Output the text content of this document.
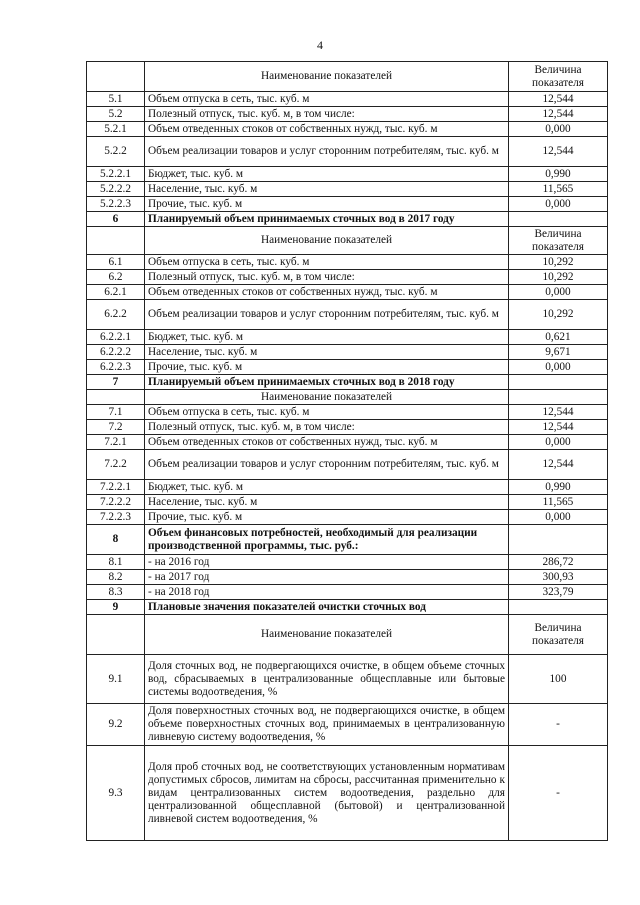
4
	Наименование показателей	Величина показателя
5.1	Объем отпуска в сеть, тыс. куб. м	12,544
5.2	Полезный отпуск, тыс. куб. м, в том числе:	12,544
5.2.1	Объем отведенных стоков от собственных нужд, тыс. куб. м	0,000
5.2.2	Объем реализации товаров и услуг сторонним потребителям, тыс. куб. м	12,544
5.2.2.1	Бюджет, тыс. куб. м	0,990
5.2.2.2	Население, тыс. куб. м	11,565
5.2.2.3	Прочие, тыс. куб. м	0,000
6	Планируемый объем принимаемых сточных вод в 2017 году	
	Наименование показателей	Величина показателя
6.1	Объем отпуска в сеть, тыс. куб. м	10,292
6.2	Полезный отпуск, тыс. куб. м, в том числе:	10,292
6.2.1	Объем отведенных стоков от собственных нужд, тыс. куб. м	0,000
6.2.2	Объем реализации товаров и услуг сторонним потребителям, тыс. куб. м	10,292
6.2.2.1	Бюджет, тыс. куб. м	0,621
6.2.2.2	Население, тыс. куб. м	9,671
6.2.2.3	Прочие, тыс. куб. м	0,000
7	Планируемый объем принимаемых сточных вод в 2018 году	
	Наименование показателей	
7.1	Объем отпуска в сеть, тыс. куб. м	12,544
7.2	Полезный отпуск, тыс. куб. м, в том числе:	12,544
7.2.1	Объем отведенных стоков от собственных нужд, тыс. куб. м	0,000
7.2.2	Объем реализации товаров и услуг сторонним потребителям, тыс. куб. м	12,544
7.2.2.1	Бюджет, тыс. куб. м	0,990
7.2.2.2	Население, тыс. куб. м	11,565
7.2.2.3	Прочие, тыс. куб. м	0,000
8	Объем финансовых потребностей, необходимый для реализации производственной программы, тыс. руб.:	
8.1	- на 2016 год	286,72
8.2	- на 2017 год	300,93
8.3	- на 2018 год	323,79
9	Плановые значения показателей очистки сточных вод	
	Наименование показателей	Величина показателя
9.1	Доля сточных вод, не подвергающихся очистке, в общем объеме сточных вод, сбрасываемых в централизованные общесплавные или бытовые системы водоотведения, %	100
9.2	Доля поверхностных сточных вод, не подвергающихся очистке, в общем объеме поверхностных сточных вод, принимаемых в централизованную ливневую систему водоотведения, %	-
9.3	Доля проб сточных вод, не соответствующих установленным нормативам допустимых сбросов, лимитам на сбросы, рассчитанная применительно к видам централизованных систем водоотведения, раздельно для централизованной общесплавной (бытовой) и централизованной ливневой систем водоотведения, %	-
